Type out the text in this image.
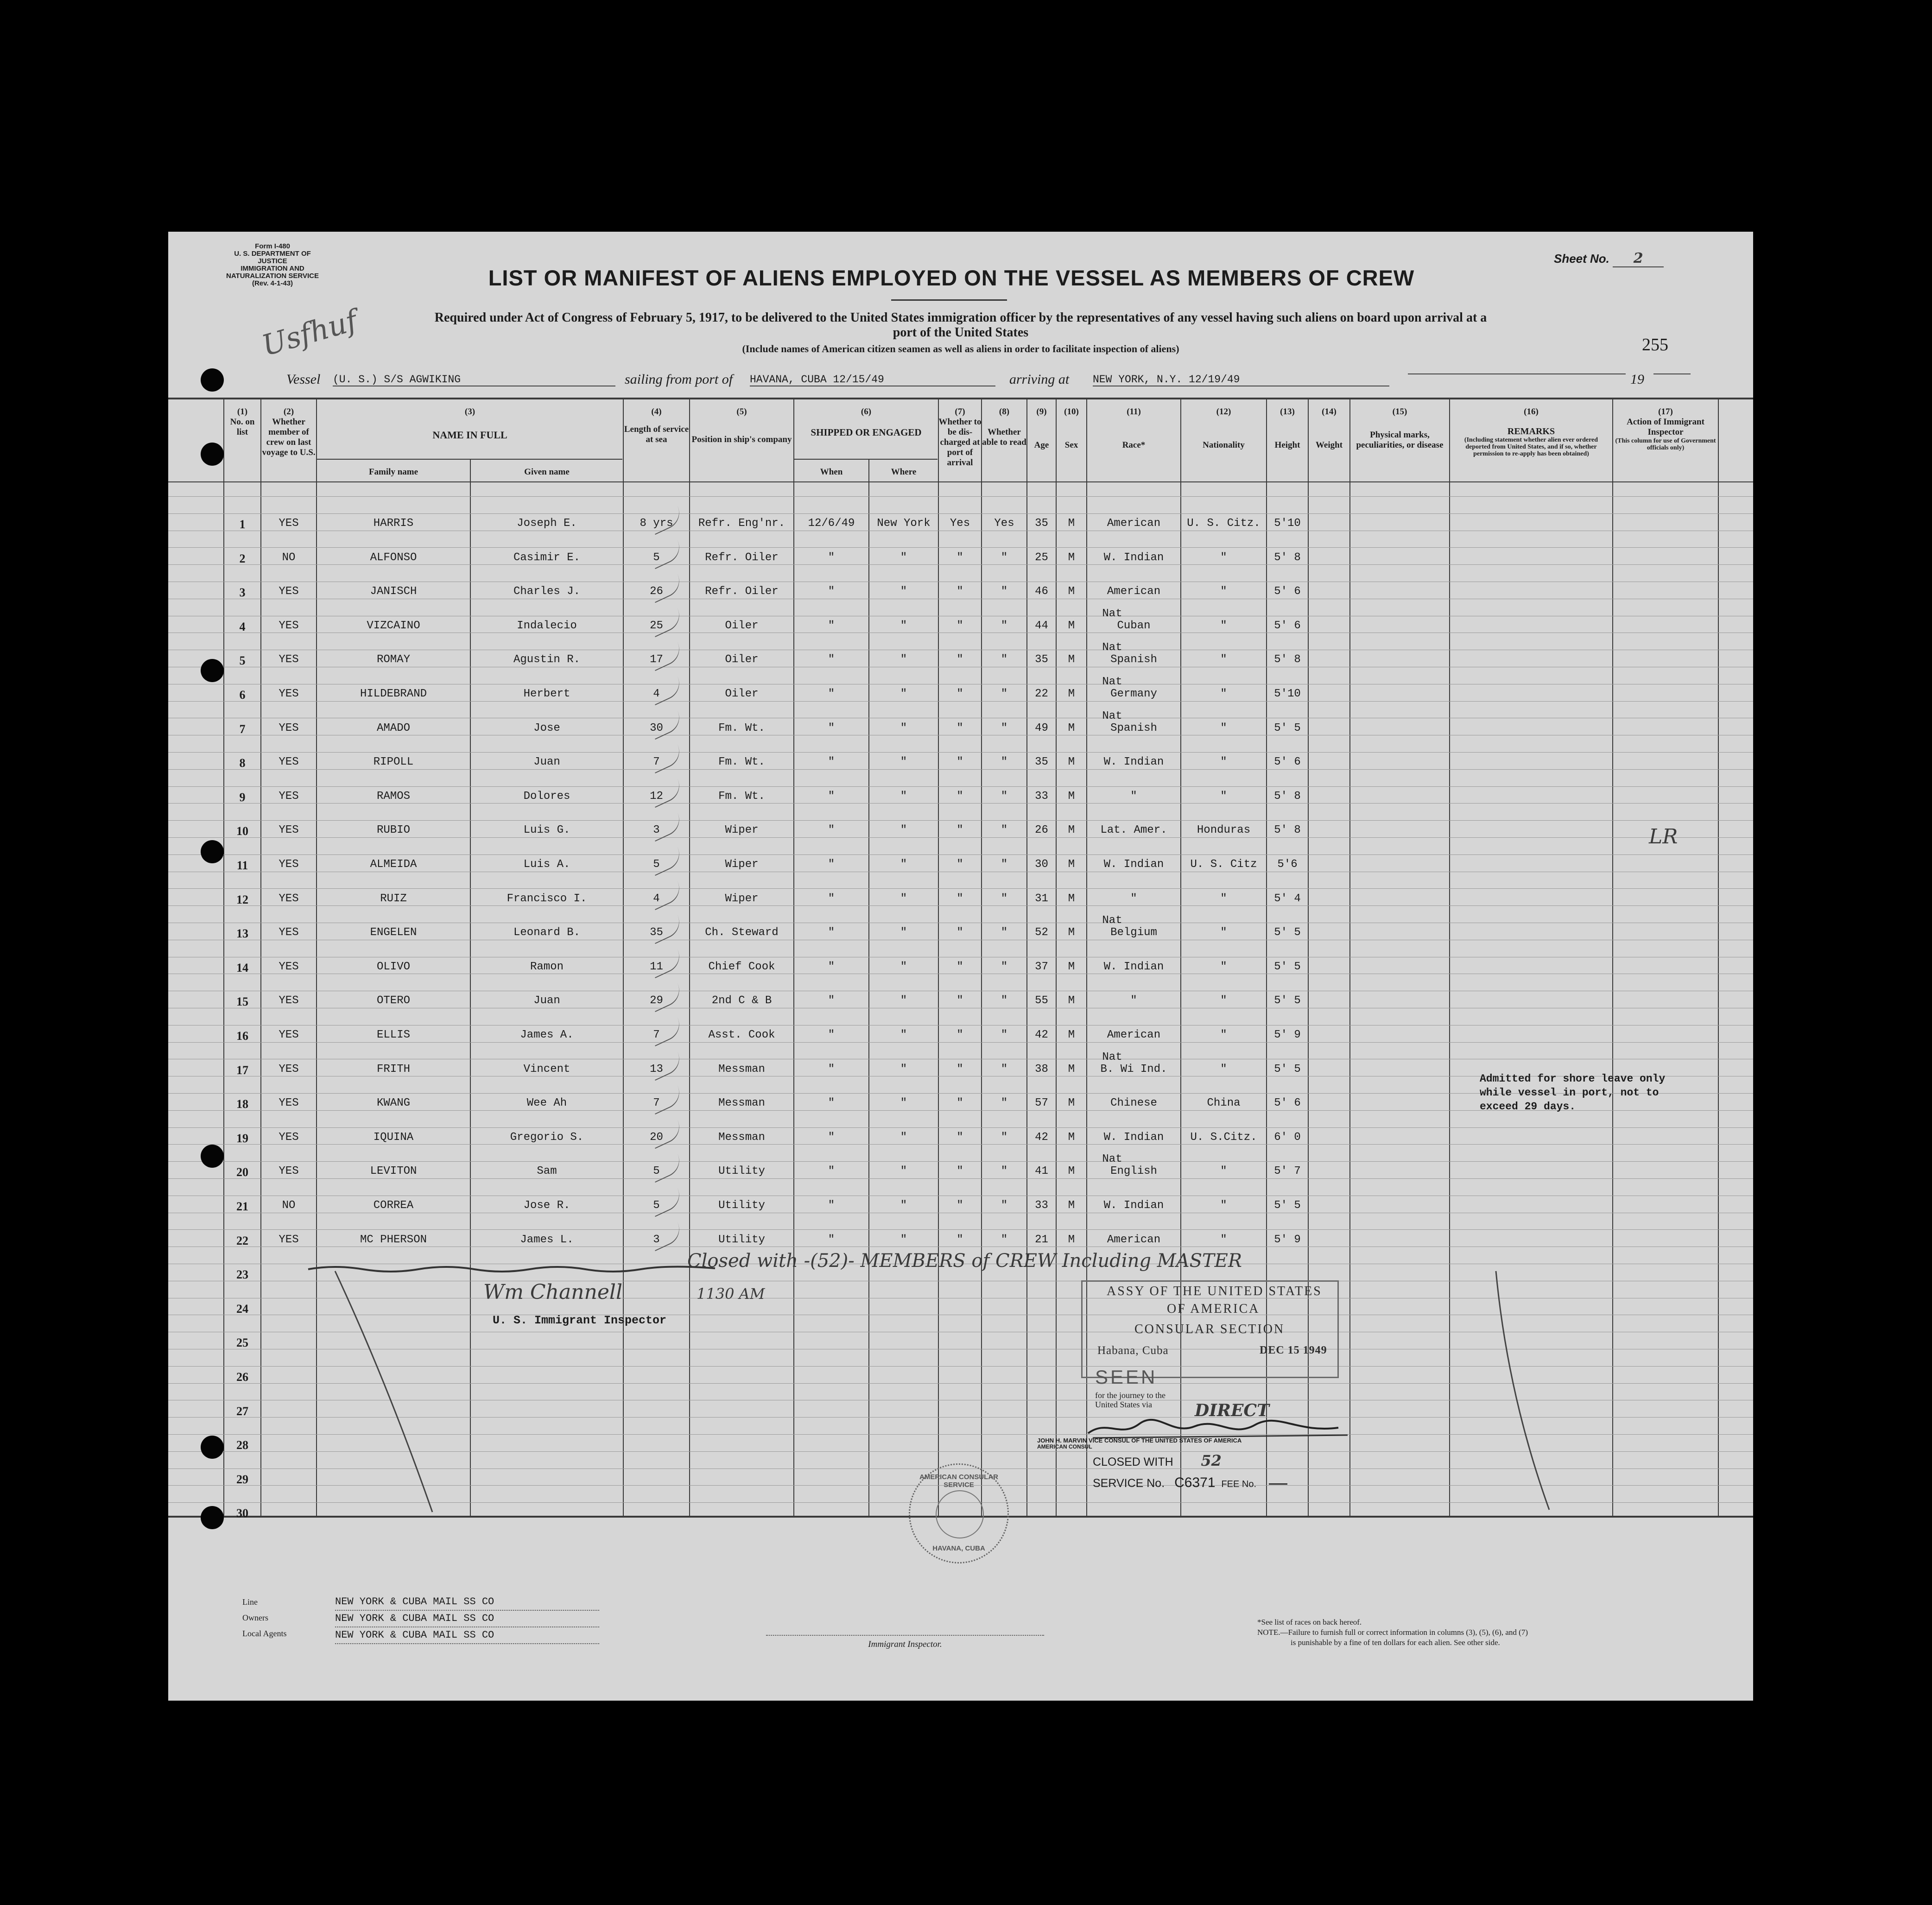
Form I-480
U. S. DEPARTMENT OF JUSTICE
IMMIGRATION AND NATURALIZATION SERVICE
(Rev. 4-1-43)	LIST OR MANIFEST OF ALIENS EMPLOYED ON THE VESSEL AS MEMBERS OF CREW
Sheet No. 2
Required under Act of Congress of February 5, 1917, to be delivered to the United States immigration officer by the representatives of any vessel having such aliens on board upon arrival at a
port of the United States
(Include names of American citizen seamen as well as aliens in order to facilitate inspection of aliens)	255
Usfhuf
Vessel (U. S.) S/S AGWIKING	sailing from port of HAVANA, CUBA 12/15/49	arriving at NEW YORK, N.Y. 12/19/49	19
(1)
No. on list
(2)
Whether member of crew on last voyage to U.S.
(3)
NAME IN FULL
Family name	Given name
(4)
Length of service at sea
(5)
Position in ship's company
(6)
SHIPPED OR ENGAGED
When	Where
(7)
Whether to be dis-charged at port of arrival
(8)
Whether able to read
(9)
Age
(10)
Sex
(11)
Race*
(12)
Nationality
(13)
Height
(14)
Weight
(15)
Physical marks, peculiarities, or disease
(16)
REMARKS
(Including statement whether alien ever ordered deported from United States, and if so, whether permission to re-apply has been obtained)
(17)
Action of Immigrant Inspector
(This column for use of Government officials only)
1	YES	HARRIS	Joseph E.	8 yrs	Refr. Eng'nr.	12/6/49	New York	Yes	Yes	35	M	American	U. S. Citz.	5'10
2	NO	ALFONSO	Casimir E.	5	Refr. Oiler	"	"	"	"	25	M	W. Indian	"	5' 8
3	YES	JANISCH	Charles J.	26	Refr. Oiler	"	"	"	"	46	M	American	"	5' 6
4	YES	VIZCAINO	Indalecio	25	Oiler	"	"	"	"	44	M	Cuban	"	5' 6
Nat
5	YES	ROMAY	Agustin R.	17	Oiler	"	"	"	"	35	M	Spanish	"	5' 8
Nat
6	YES	HILDEBRAND	Herbert	4	Oiler	"	"	"	"	22	M	Germany	"	5'10
Nat
7	YES	AMADO	Jose	30	Fm. Wt.	"	"	"	"	49	M	Spanish	"	5' 5
Nat
8	YES	RIPOLL	Juan	7	Fm. Wt.	"	"	"	"	35	M	W. Indian	"	5' 6
9	YES	RAMOS	Dolores	12	Fm. Wt.	"	"	"	"	33	M	"	"	5' 8
10	YES	RUBIO	Luis G.	3	Wiper	"	"	"	"	26	M	Lat. Amer.	Honduras	5' 8
11	YES	ALMEIDA	Luis A.	5	Wiper	"	"	"	"	30	M	W. Indian	U. S. Citz	5'6
12	YES	RUIZ	Francisco I.	4	Wiper	"	"	"	"	31	M	"	"	5' 4
13	YES	ENGELEN	Leonard B.	35	Ch. Steward	"	"	"	"	52	M	Belgium	"	5' 5
Nat
14	YES	OLIVO	Ramon	11	Chief Cook	"	"	"	"	37	M	W. Indian	"	5' 5
15	YES	OTERO	Juan	29	2nd C & B	"	"	"	"	55	M	"	"	5' 5
16	YES	ELLIS	James A.	7	Asst. Cook	"	"	"	"	42	M	American	"	5' 9
17	YES	FRITH	Vincent	13	Messman	"	"	"	"	38	M	B. Wi Ind.	"	5' 5
Nat
18	YES	KWANG	Wee Ah	7	Messman	"	"	"	"	57	M	Chinese	China	5' 6
19	YES	IQUINA	Gregorio S.	20	Messman	"	"	"	"	42	M	W. Indian	U. S.Citz.	6' 0
20	YES	LEVITON	Sam	5	Utility	"	"	"	"	41	M	English	"	5' 7
Nat
21	NO	CORREA	Jose R.	5	Utility	"	"	"	"	33	M	W. Indian	"	5' 5
22	YES	MC PHERSON	James L.	3	Utility	"	"	"	"	21	M	American	"	5' 9
23
24
25
26
27
28
29
30
Closed with -(52)- MEMBERS of CREW Including MASTER
Wm Channell	1130 AM
U. S. Immigrant Inspector
Admitted for shore leave only
while vessel in port, not to
exceed 29 days.
LR
ASSY OF THE UNITED STATES
OF AMERICA
CONSULAR SECTION
Habana, Cuba	DEC 15 1949
SEEN
for the journey to the
United States via	DIRECT
JOHN H. MARVIN VICE CONSUL OF THE UNITED STATES OF AMERICA
AMERICAN CONSUL
CLOSED WITH 52
SERVICE No. C6371 FEE No.
AMERICAN CONSULAR SERVICE
HAVANA, CUBA
Line
Owners
Local Agents
NEW YORK & CUBA MAIL SS CO
NEW YORK & CUBA MAIL SS CO
NEW YORK & CUBA MAIL SS CO
Immigrant Inspector.
*See list of races on back hereof.
NOTE.—Failure to furnish full or correct information in columns (3), (5), (6), and (7)
is punishable by a fine of ten dollars for each alien. See other side.
